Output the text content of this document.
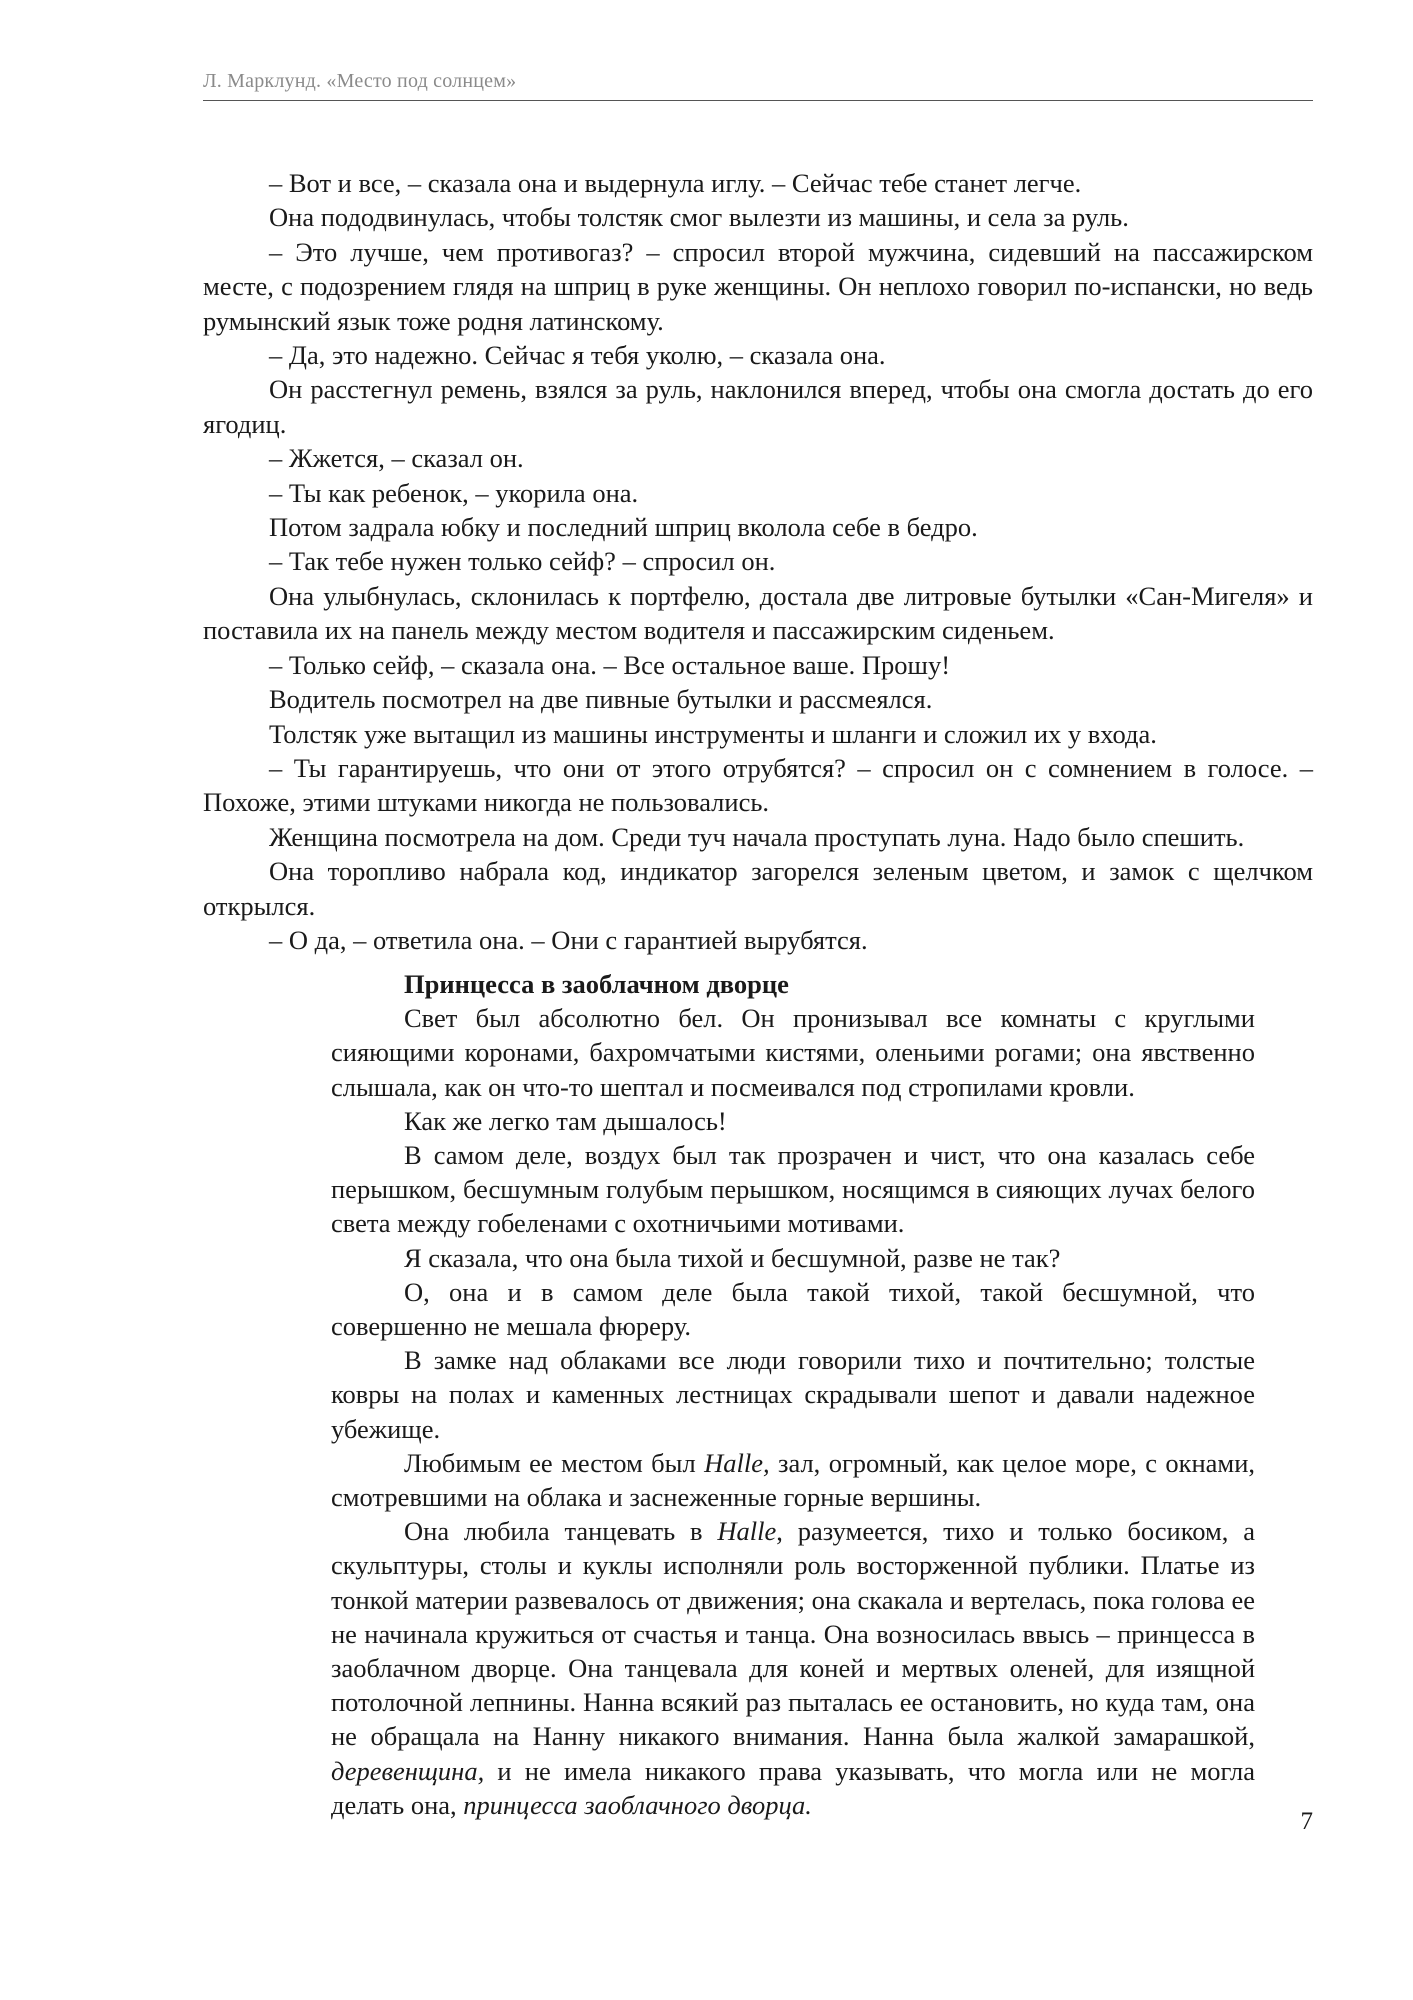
Л. Марклунд. «Место под солнцем»

– Вот и все, – сказала она и выдернула иглу. – Сейчас тебе станет легче.

Она пододвинулась, чтобы толстяк смог вылезти из машины, и села за руль.

– Это лучше, чем противогаз? – спросил второй мужчина, сидевший на пассажирском месте, с подозрением глядя на шприц в руке женщины. Он неплохо говорил по-испански, но ведь румынский язык тоже родня латинскому.

– Да, это надежно. Сейчас я тебя уколю, – сказала она.

Он расстегнул ремень, взялся за руль, наклонился вперед, чтобы она смогла достать до его ягодиц.

– Жжется, – сказал он.

– Ты как ребенок, – укорила она.

Потом задрала юбку и последний шприц вколола себе в бедро.

– Так тебе нужен только сейф? – спросил он.

Она улыбнулась, склонилась к портфелю, достала две литровые бутылки «Сан-Мигеля» и поставила их на панель между местом водителя и пассажирским сиденьем.

– Только сейф, – сказала она. – Все остальное ваше. Прошу!

Водитель посмотрел на две пивные бутылки и рассмеялся.

Толстяк уже вытащил из машины инструменты и шланги и сложил их у входа.

– Ты гарантируешь, что они от этого отрубятся? – спросил он с сомнением в голосе. – Похоже, этими штуками никогда не пользовались.

Женщина посмотрела на дом. Среди туч начала проступать луна. Надо было спешить.

Она торопливо набрала код, индикатор загорелся зеленым цветом, и замок с щелчком открылся.

– О да, – ответила она. – Они с гарантией вырубятся.

Принцесса в заоблачном дворце

Свет был абсолютно бел. Он пронизывал все комнаты с круглыми сияющими коронами, бахромчатыми кистями, оленьими рогами; она явственно слышала, как он что-то шептал и посмеивался под стропилами кровли.

Как же легко там дышалось!

В самом деле, воздух был так прозрачен и чист, что она казалась себе перышком, бесшумным голубым перышком, носящимся в сияющих лучах белого света между гобеленами с охотничьими мотивами.

Я сказала, что она была тихой и бесшумной, разве не так?

О, она и в самом деле была такой тихой, такой бесшумной, что совершенно не мешала фюреру.

В замке над облаками все люди говорили тихо и почтительно; толстые ковры на полах и каменных лестницах скрадывали шепот и давали надежное убежище.

Любимым ее местом был Halle, зал, огромный, как целое море, с окнами, смотревшими на облака и заснеженные горные вершины.

Она любила танцевать в Halle, разумеется, тихо и только босиком, а скульптуры, столы и куклы исполняли роль восторженной публики. Платье из тонкой материи развевалось от движения; она скакала и вертелась, пока голова ее не начинала кружиться от счастья и танца. Она возносилась ввысь – принцесса в заоблачном дворце. Она танцевала для коней и мертвых оленей, для изящной потолочной лепнины. Нанна всякий раз пыталась ее остановить, но куда там, она не обращала на Нанну никакого внимания. Нанна была жалкой замарашкой, деревенщина, и не имела никакого права указывать, что могла или не могла делать она, принцесса заоблачного дворца.

7
